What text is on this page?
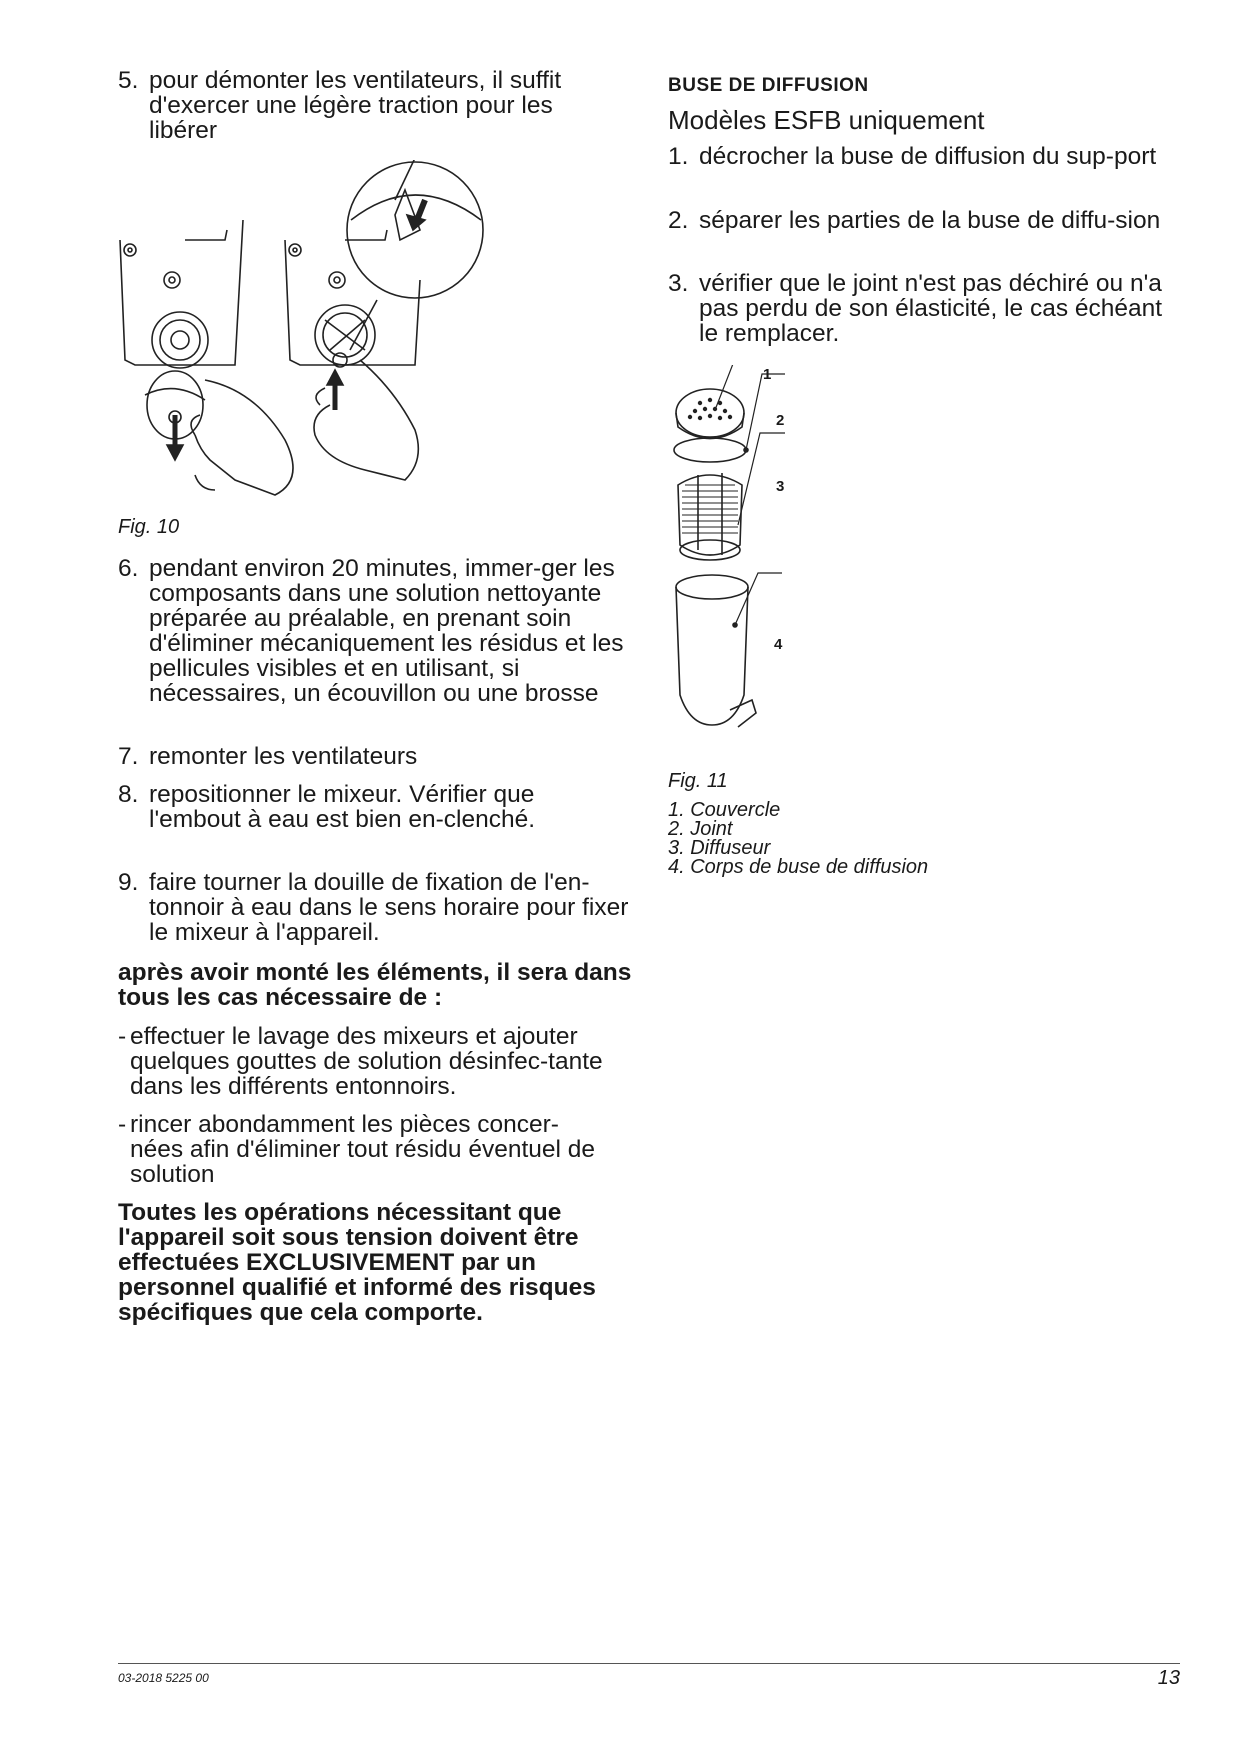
5. pour démonter les ventilateurs, il suffit d'exercer une légère traction pour les libérer
Fig. 10
6. pendant environ 20 minutes, immer-ger les composants dans une solution nettoyante préparée au préalable, en prenant soin d'éliminer mécaniquement les résidus et les pellicules visibles et en utilisant, si nécessaires, un écouvillon ou une brosse
7. remonter les ventilateurs
8. repositionner le mixeur. Vérifier que l'embout à eau est bien en-clenché.
9. faire tourner la douille de fixation de l'en-tonnoir à eau dans le sens horaire pour fixer le mixeur à l'appareil.
après avoir monté les éléments, il sera dans tous les cas nécessaire de :
- effectuer le lavage des mixeurs et ajouter quelques gouttes de solution désinfec-tante dans les différents entonnoirs.
- rincer abondamment les pièces concer-nées afin d'éliminer tout résidu éventuel de solution
Toutes les opérations nécessitant que l'appareil soit sous tension doivent être effectuées EXCLUSIVEMENT par un personnel qualifié et informé des risques spécifiques que cela comporte.
BUSE DE DIFFUSION
Modèles ESFB uniquement
1. décrocher la buse de diffusion du sup-port
2. séparer les parties de la buse de diffu-sion
3. vérifier que le joint n'est pas déchiré ou n'a pas perdu de son élasticité, le cas échéant le remplacer.
1
2
3
4
Fig. 11
1. Couvercle
2. Joint
3. Diffuseur
4. Corps de buse de diffusion
03-2018 5225 00	13
